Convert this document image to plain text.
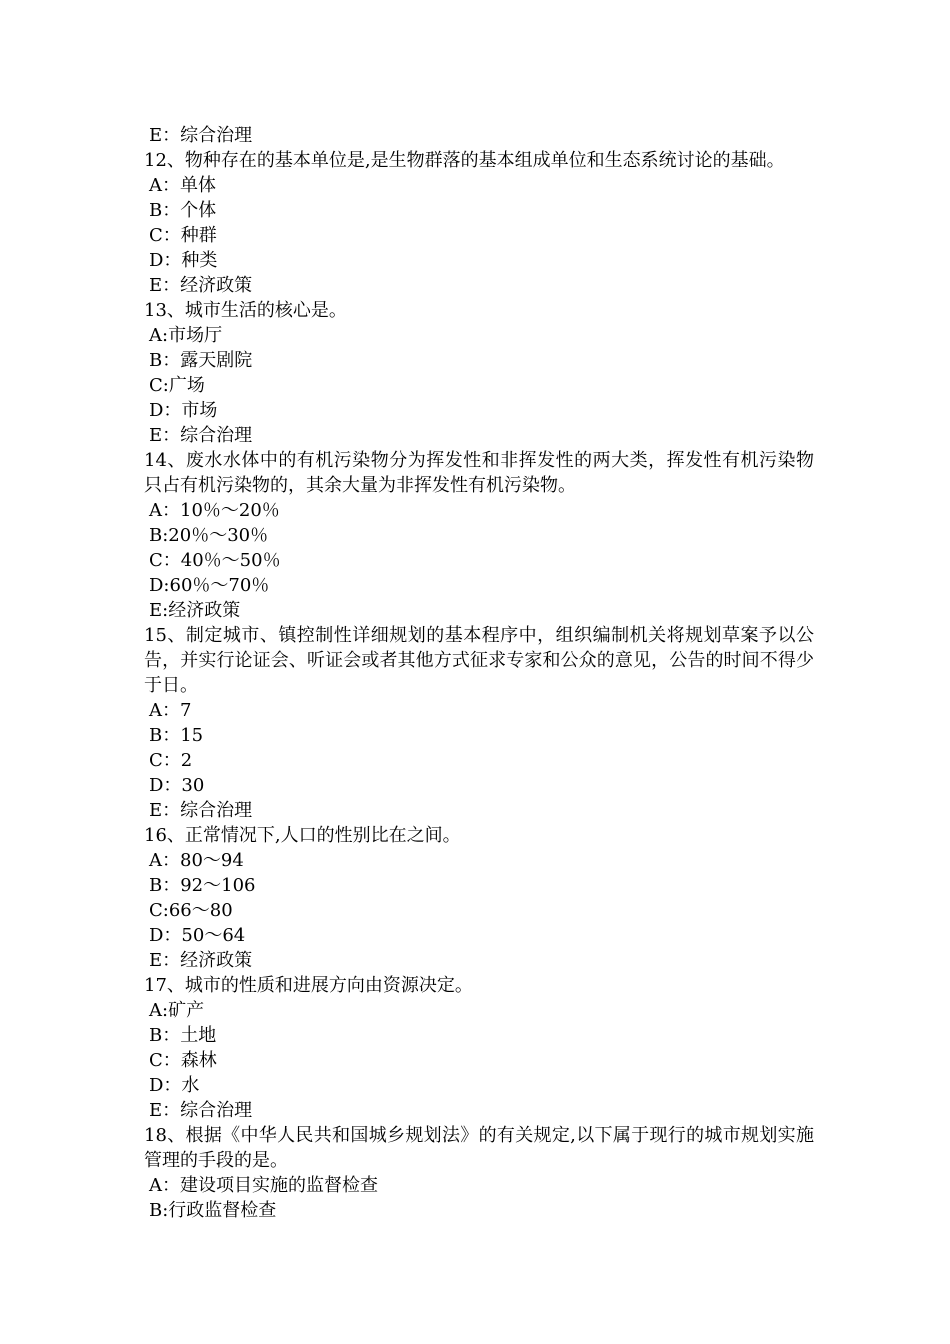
E：综合治理
12、物种存在的基本单位是,是生物群落的基本组成单位和生态系统讨论的基础。
A：单体
B：个体
C：种群
D：种类
E：经济政策
13、城市生活的核心是。
A:市场厅
B：露天剧院
C:广场
D：市场
E：综合治理
14、废水水体中的有机污染物分为挥发性和非挥发性的两大类，挥发性有机污染物只占有机污染物的，其余大量为非挥发性有机污染物。
A：10％～20％
B:20％～30％
C：40％～50％
D:60％～70％
E:经济政策
15、制定城市、镇控制性详细规划的基本程序中，组织编制机关将规划草案予以公告，并实行论证会、听证会或者其他方式征求专家和公众的意见，公告的时间不得少于日。
A：7
B：15
C：2
D：30
E：综合治理
16、正常情况下,人口的性别比在之间。
A：80～94
B：92～106
C:66～80
D：50～64
E：经济政策
17、城市的性质和进展方向由资源决定。
A:矿产
B：土地
C：森林
D：水
E：综合治理
18、根据《中华人民共和国城乡规划法》的有关规定,以下属于现行的城市规划实施管理的手段的是。
A：建设项目实施的监督检查
B:行政监督检查
